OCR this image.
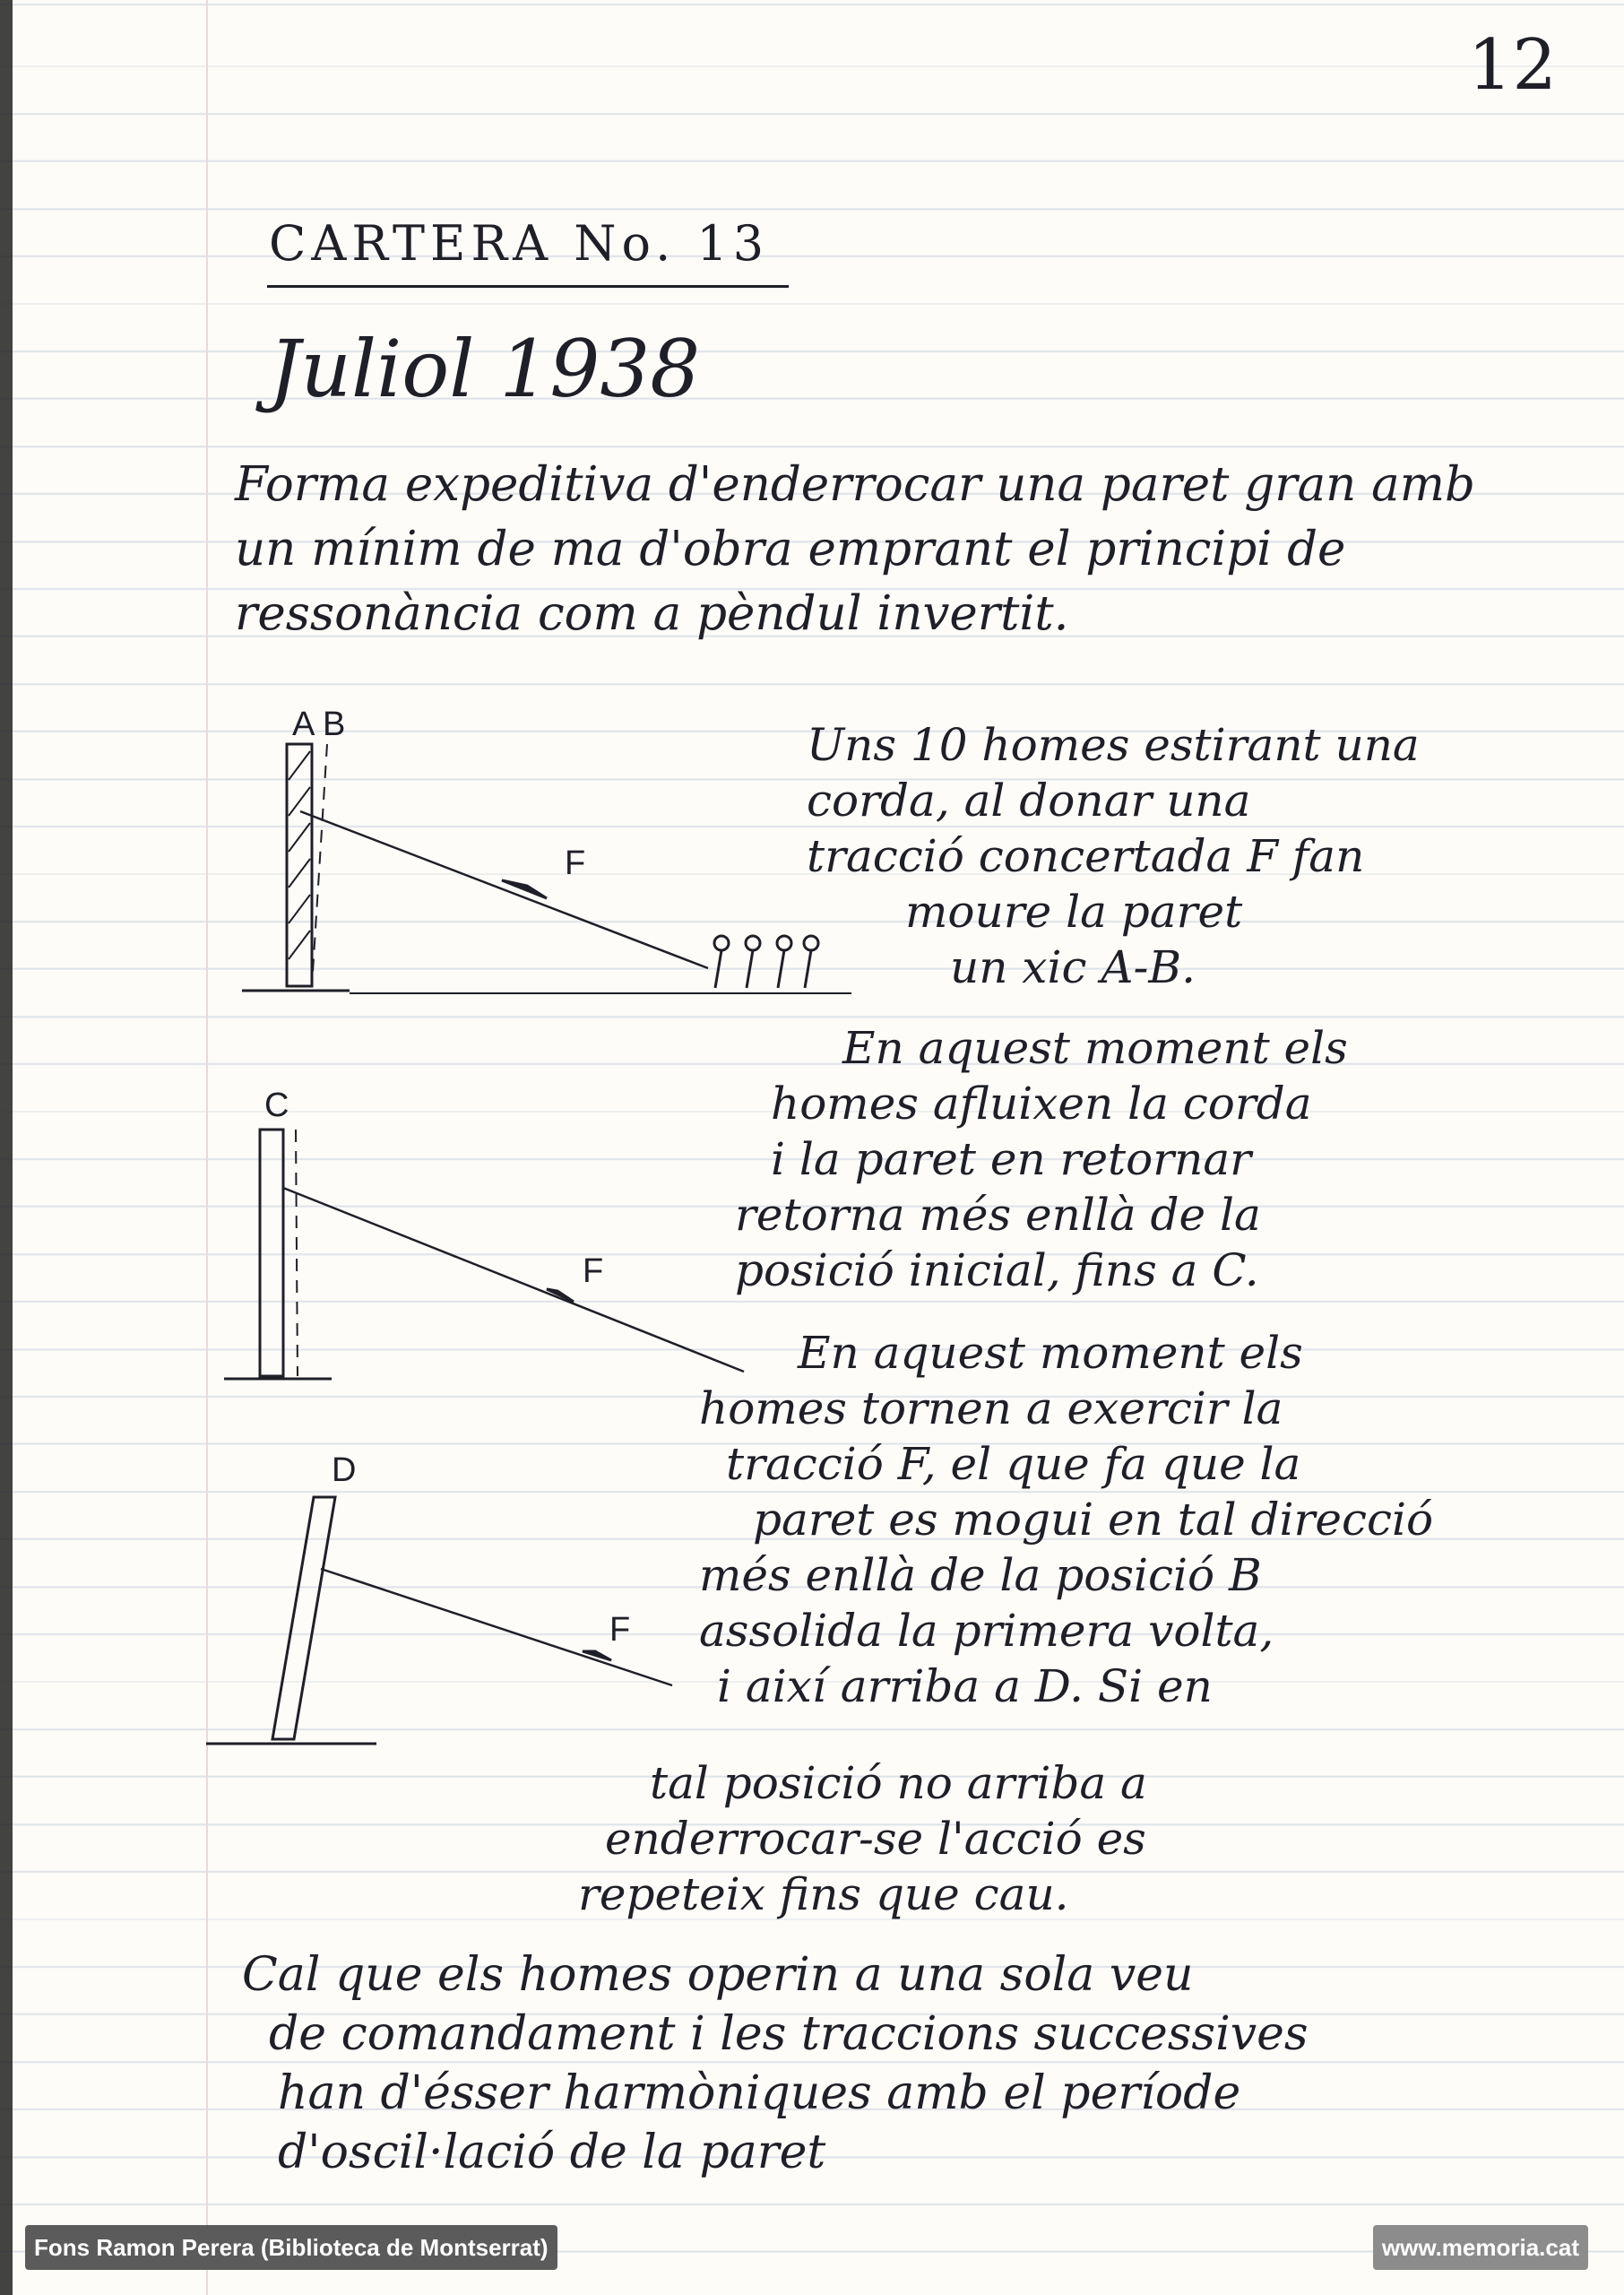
12
CARTERA No. 13
Juliol 1938
Forma expeditiva d'enderrocar una paret gran amb un mínim de ma d'obra emprant el principi de ressonància com a pèndul invertit.
A B
F
C
F
D
F
Uns 10 homes estirant una
corda, al donar una
tracció concertada F fan
moure la paret
un xic A-B.
En aquest moment els
homes afluixen la corda
i la paret en retornar
retorna més enllà de la
posició inicial, fins a C.
En aquest moment els
homes tornen a exercir la
tracció F, el que fa que la
paret es mogui en tal direcció
més enllà de la posició B
assolida la primera volta,
i així arriba a D. Si en
tal posició no arriba a
enderrocar-se l'acció es
repeteix fins que cau.
Cal que els homes operin a una sola veu
de comandament i les traccions successives
han d'ésser harmòniques amb el període
d'oscil·lació de la paret
Fons Ramon Perera (Biblioteca de Montserrat)	www.memoria.cat
